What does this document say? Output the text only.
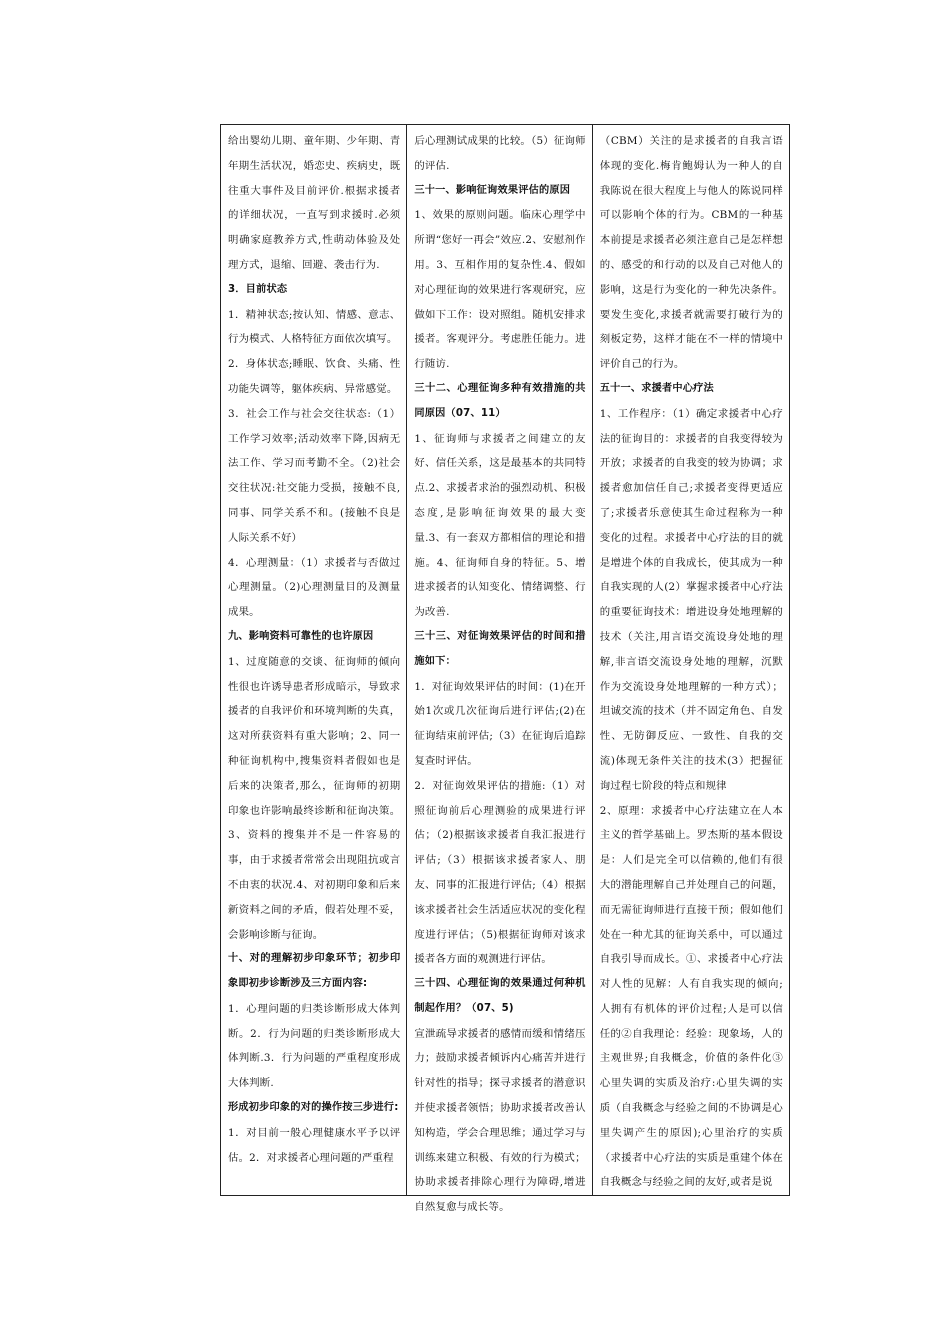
给出婴幼儿期、童年期、少年期、青年期生活状况，婚恋史、疾病史，既往重大事件及目前评价.根据求援者的详细状况，一直写到求援时.必须明确家庭教养方式,性萌动体验及处理方式，退缩、回避、袭击行为.

3．目前状态

1．精神状态;按认知、情感、意志、行为模式、人格特征方面依次填写。

2．身体状态;睡眠、饮食、头痛、性功能失调等，躯体疾病、异常感觉。

3．社会工作与社会交往状态:（1）工作学习效率;活动效率下降,因病无法工作、学习而考勤不全。（2)社会交往状况:社交能力受损，接触不良,同事、同学关系不和。(接触不良是人际关系不好）

4．心理测量：（1）求援者与否做过心理测量。（2)心理测量目的及测量成果。

九、影响资料可靠性的也许原因

1、过度随意的交谈、征询师的倾向性很也许诱导患者形成暗示，导致求援者的自我评价和环境判断的失真，这对所获资料有重大影响；2、同一种征询机构中,搜集资料者假如也是后来的决策者,那么，征询师的初期印象也许影响最终诊断和征询决策。3、资料的搜集并不是一件容易的事，由于求援者常常会出现阻抗或言不由衷的状况.4、对初期印象和后来新资料之间的矛盾，假若处理不妥，会影响诊断与征询。

十、对的理解初步印象环节；初步印象即初步诊断涉及三方面内容:

1．心理问题的归类诊断形成大体判断。2．行为问题的归类诊断形成大体判断.3．行为问题的严重程度形成大体判断.

形成初步印象的对的操作按三步进行:

1．对目前一般心理健康水平予以评估。2．对求援者心理问题的严重程

后心理测试成果的比较。（5）征询师的评估.

三十一、影响征询效果评估的原因

1、效果的原则问题。临床心理学中所谓“您好一再会”效应.2、安慰剂作用。3、互相作用的复杂性.4、假如对心理征询的效果进行客观研究，应做如下工作：设对照组。随机安排求援者。客观评分。考虑胜任能力。进行随访.

三十二、心理征询多种有效措施的共同原因（07、11）

1、征询师与求援者之间建立的友好、信任关系，这是最基本的共同特点.2、求援者求治的强烈动机、积极态度,是影响征询效果的最大变量.3、有一套双方都相信的理论和措施。4、征询师自身的特征。5、增进求援者的认知变化、情绪调整、行为改善.

三十三、对征询效果评估的时间和措施如下：

1．对征询效果评估的时间：(1)在开始1次或几次征询后进行评估;(2)在征询结束前评估;（3）在征询后追踪复查时评估。

2．对征询效果评估的措施:（1）对照征询前后心理测验的成果进行评估；（2)根据该求援者自我汇报进行评估;（3）根据该求援者家人、朋友、同事的汇报进行评估;（4）根据该求援者社会生活适应状况的变化程度进行评估；（5)根据征询师对该求援者各方面的观测进行评估。

三十四、心理征询的效果通过何种机制起作用？（07、5)

宣泄疏导求援者的感情而缓和情绪压力；鼓励求援者倾诉内心痛苦并进行针对性的指导；探寻求援者的潜意识并使求援者领悟；协助求援者改善认知构造，学会合理思维；通过学习与训练来建立积极、有效的行为模式；协助求援者排除心理行为障碍,增进自然复愈与成长等。

（CBM）关注的是求援者的自我言语体现的变化.梅肯鲍姆认为一种人的自我陈说在很大程度上与他人的陈说同样可以影响个体的行为。CBM的一种基本前提是求援者必须注意自己是怎样想的、感受的和行动的以及自己对他人的影响，这是行为变化的一种先决条件。要发生变化,求援者就需要打破行为的刻板定势，这样才能在不一样的情境中评价自己的行为。

五十一、求援者中心疗法

1、工作程序：（1）确定求援者中心疗法的征询目的：求援者的自我变得较为开放；求援者的自我变的较为协调；求援者愈加信任自己;求援者变得更适应了;求援者乐意使其生命过程称为一种变化的过程。求援者中心疗法的目的就是增进个体的自我成长，使其成为一种自我实现的人(2）掌握求援者中心疗法的重要征询技术：增进设身处地理解的技术（关注,用言语交流设身处地的理解,非言语交流设身处地的理解，沉默作为交流设身处地理解的一种方式）；坦诚交流的技术（并不固定角色、自发性、无防御反应、一致性、自我的交流)体现无条件关注的技术(3）把握征询过程七阶段的特点和规律

2、原理：求援者中心疗法建立在人本主义的哲学基础上。罗杰斯的基本假设是：人们是完全可以信赖的,他们有很大的潜能理解自己并处理自己的问题，而无需征询师进行直接干预；假如他们处在一种尤其的征询关系中，可以通过自我引导而成长。①、求援者中心疗法对人性的见解：人有自我实现的倾向;人拥有有机体的评价过程;人是可以信任的②自我理论：经验：现象场，人的主观世界;自我概念，价值的条件化③心里失调的实质及治疗:心里失调的实质（自我概念与经验之间的不协调是心里失调产生的原因);心里治疗的实质（求援者中心疗法的实质是重建个体在自我概念与经验之间的友好,或者是说
